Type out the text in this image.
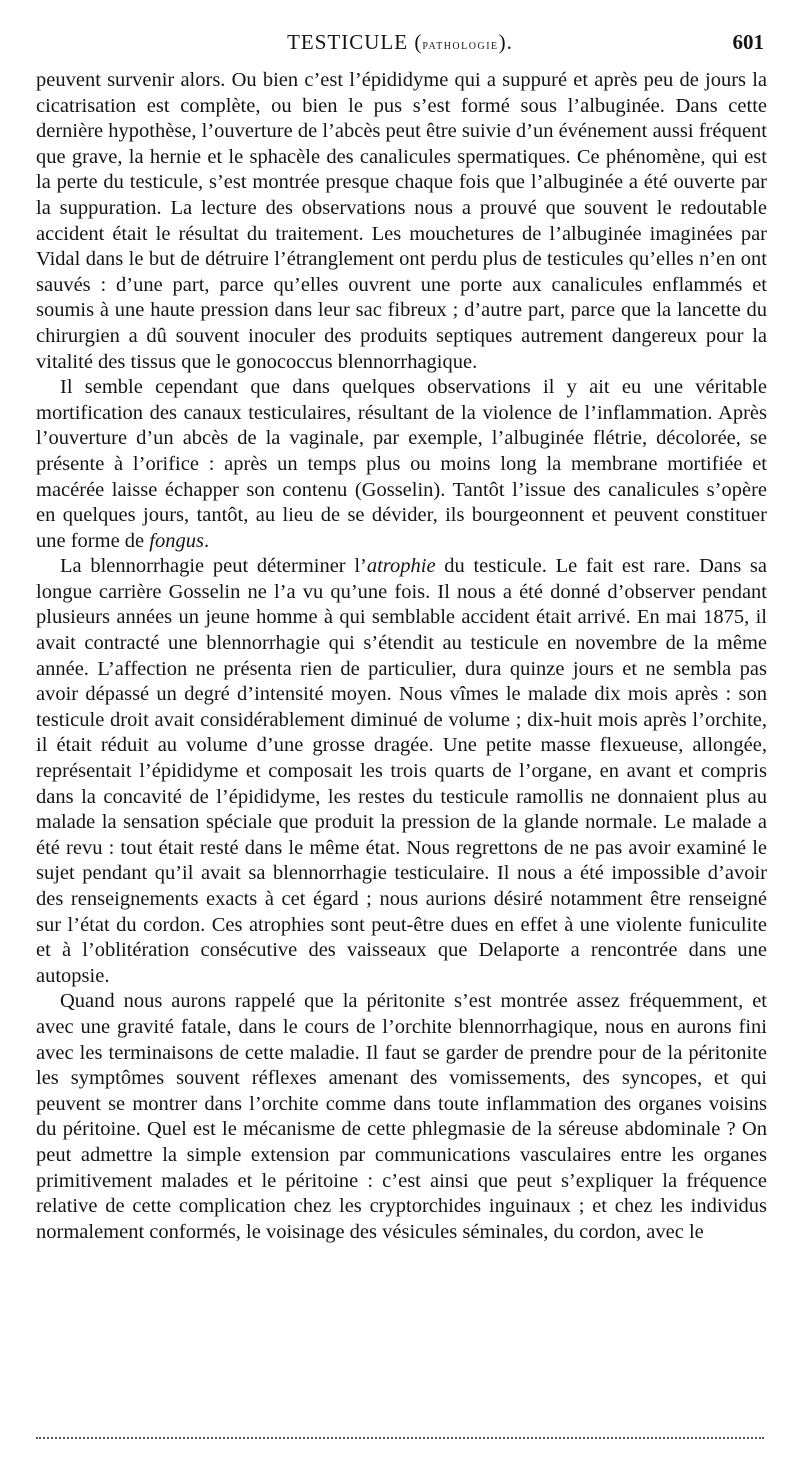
TESTICULE (pathologie).	601

peuvent survenir alors. Ou bien c’est l’épididyme qui a suppuré et après peu de jours la cicatrisation est complète, ou bien le pus s’est formé sous l’albuginée. Dans cette dernière hypothèse, l’ouverture de l’abcès peut être suivie d’un événement aussi fréquent que grave, la hernie et le sphacèle des canalicules spermatiques. Ce phénomène, qui est la perte du testicule, s’est montrée presque chaque fois que l’albuginée a été ouverte par la suppuration. La lecture des observations nous a prouvé que souvent le redoutable accident était le résultat du traitement. Les mouchetures de l’albuginée imaginées par Vidal dans le but de détruire l’étranglement ont perdu plus de testicules qu’elles n’en ont sauvés : d’une part, parce qu’elles ouvrent une porte aux canalicules enflammés et soumis à une haute pression dans leur sac fibreux ; d’autre part, parce que la lancette du chirurgien a dû souvent inoculer des produits septiques autrement dangereux pour la vitalité des tissus que le gonococcus blennorrhagique.

Il semble cependant que dans quelques observations il y ait eu une véritable mortification des canaux testiculaires, résultant de la violence de l’inflammation. Après l’ouverture d’un abcès de la vaginale, par exemple, l’albuginée flétrie, décolorée, se présente à l’orifice : après un temps plus ou moins long la membrane mortifiée et macérée laisse échapper son contenu (Gosselin). Tantôt l’issue des canalicules s’opère en quelques jours, tantôt, au lieu de se dévider, ils bourgeonnent et peuvent constituer une forme de fongus.

La blennorrhagie peut déterminer l’atrophie du testicule. Le fait est rare. Dans sa longue carrière Gosselin ne l’a vu qu’une fois. Il nous a été donné d’observer pendant plusieurs années un jeune homme à qui semblable accident était arrivé. En mai 1875, il avait contracté une blennorrhagie qui s’étendit au testicule en novembre de la même année. L’affection ne présenta rien de particulier, dura quinze jours et ne sembla pas avoir dépassé un degré d’intensité moyen. Nous vîmes le malade dix mois après : son testicule droit avait considérablement diminué de volume ; dix-huit mois après l’orchite, il était réduit au volume d’une grosse dragée. Une petite masse flexueuse, allongée, représentait l’épididyme et composait les trois quarts de l’organe, en avant et compris dans la concavité de l’épididyme, les restes du testicule ramollis ne donnaient plus au malade la sensation spéciale que produit la pression de la glande normale. Le malade a été revu : tout était resté dans le même état. Nous regrettons de ne pas avoir examiné le sujet pendant qu’il avait sa blennorrhagie testiculaire. Il nous a été impossible d’avoir des renseignements exacts à cet égard ; nous aurions désiré notamment être renseigné sur l’état du cordon. Ces atrophies sont peut-être dues en effet à une violente funiculite et à l’oblitération consécutive des vaisseaux que Delaporte a rencontrée dans une autopsie.

Quand nous aurons rappelé que la péritonite s’est montrée assez fréquemment, et avec une gravité fatale, dans le cours de l’orchite blennorrhagique, nous en aurons fini avec les terminaisons de cette maladie. Il faut se garder de prendre pour de la péritonite les symptômes souvent réflexes amenant des vomissements, des syncopes, et qui peuvent se montrer dans l’orchite comme dans toute inflammation des organes voisins du péritoine. Quel est le mécanisme de cette phlegmasie de la séreuse abdominale ? On peut admettre la simple extension par communications vasculaires entre les organes primitivement malades et le péritoine : c’est ainsi que peut s’expliquer la fréquence relative de cette complication chez les cryptorchides inguinaux ; et chez les individus normalement conformés, le voisinage des vésicules séminales, du cordon, avec le
